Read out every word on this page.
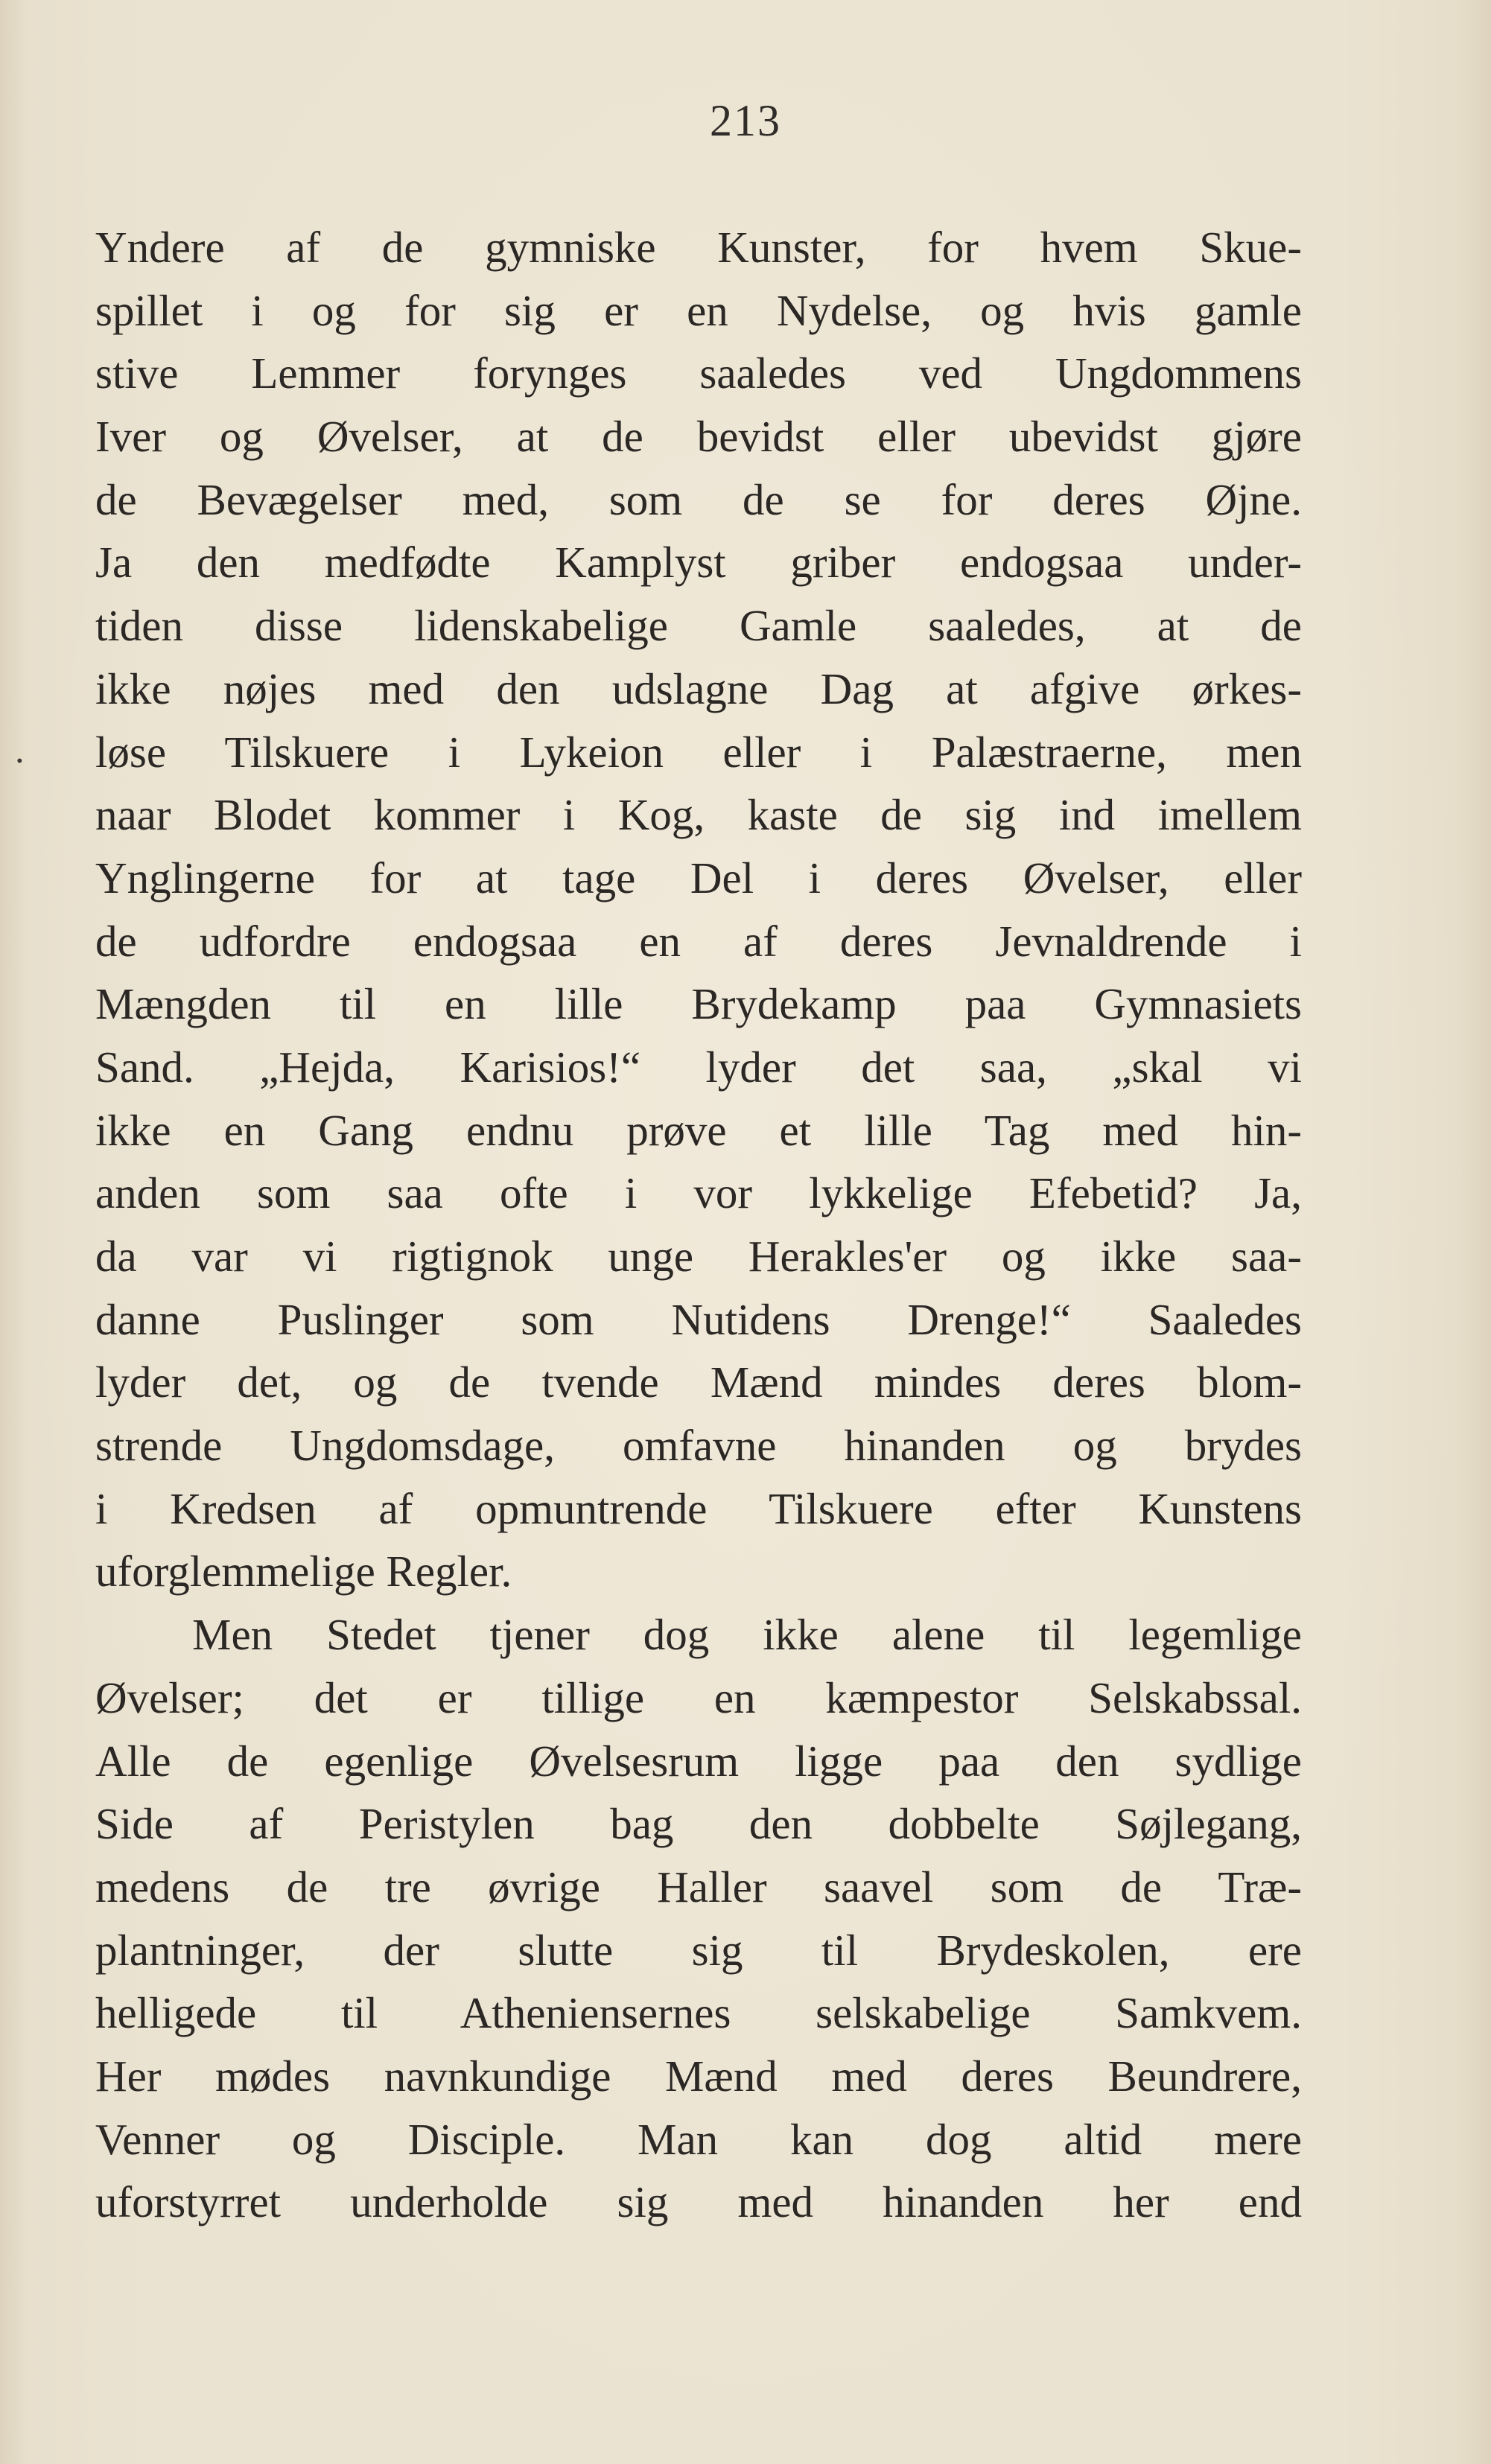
213
·
Yndere af de gymniske Kunster, for hvem Skue-
spillet i og for sig er en Nydelse, og hvis gamle
stive Lemmer forynges saaledes ved Ungdommens
Iver og Øvelser, at de bevidst eller ubevidst gjøre
de Bevægelser med, som de se for deres Øjne.
Ja den medfødte Kamplyst griber endogsaa under-
tiden disse lidenskabelige Gamle saaledes, at de
ikke nøjes med den udslagne Dag at afgive ørkes-
løse Tilskuere i Lykeion eller i Palæstraerne, men
naar Blodet kommer i Kog, kaste de sig ind imellem
Ynglingerne for at tage Del i deres Øvelser, eller
de udfordre endogsaa en af deres Jevnaldrende i
Mængden til en lille Brydekamp paa Gymnasiets
Sand. „Hejda, Karisios!“ lyder det saa, „skal vi
ikke en Gang endnu prøve et lille Tag med hin-
anden som saa ofte i vor lykkelige Efebetid? Ja,
da var vi rigtignok unge Herakles'er og ikke saa-
danne Puslinger som Nutidens Drenge!“ Saaledes
lyder det, og de tvende Mænd mindes deres blom-
strende Ungdomsdage, omfavne hinanden og brydes
i Kredsen af opmuntrende Tilskuere efter Kunstens
uforglemmelige Regler.
Men Stedet tjener dog ikke alene til legemlige
Øvelser; det er tillige en kæmpestor Selskabssal.
Alle de egenlige Øvelsesrum ligge paa den sydlige
Side af Peristylen bag den dobbelte Søjlegang,
medens de tre øvrige Haller saavel som de Træ-
plantninger, der slutte sig til Brydeskolen, ere
helligede til Atheniensernes selskabelige Samkvem.
Her mødes navnkundige Mænd med deres Beundrere,
Venner og Disciple. Man kan dog altid mere
uforstyrret underholde sig med hinanden her end
